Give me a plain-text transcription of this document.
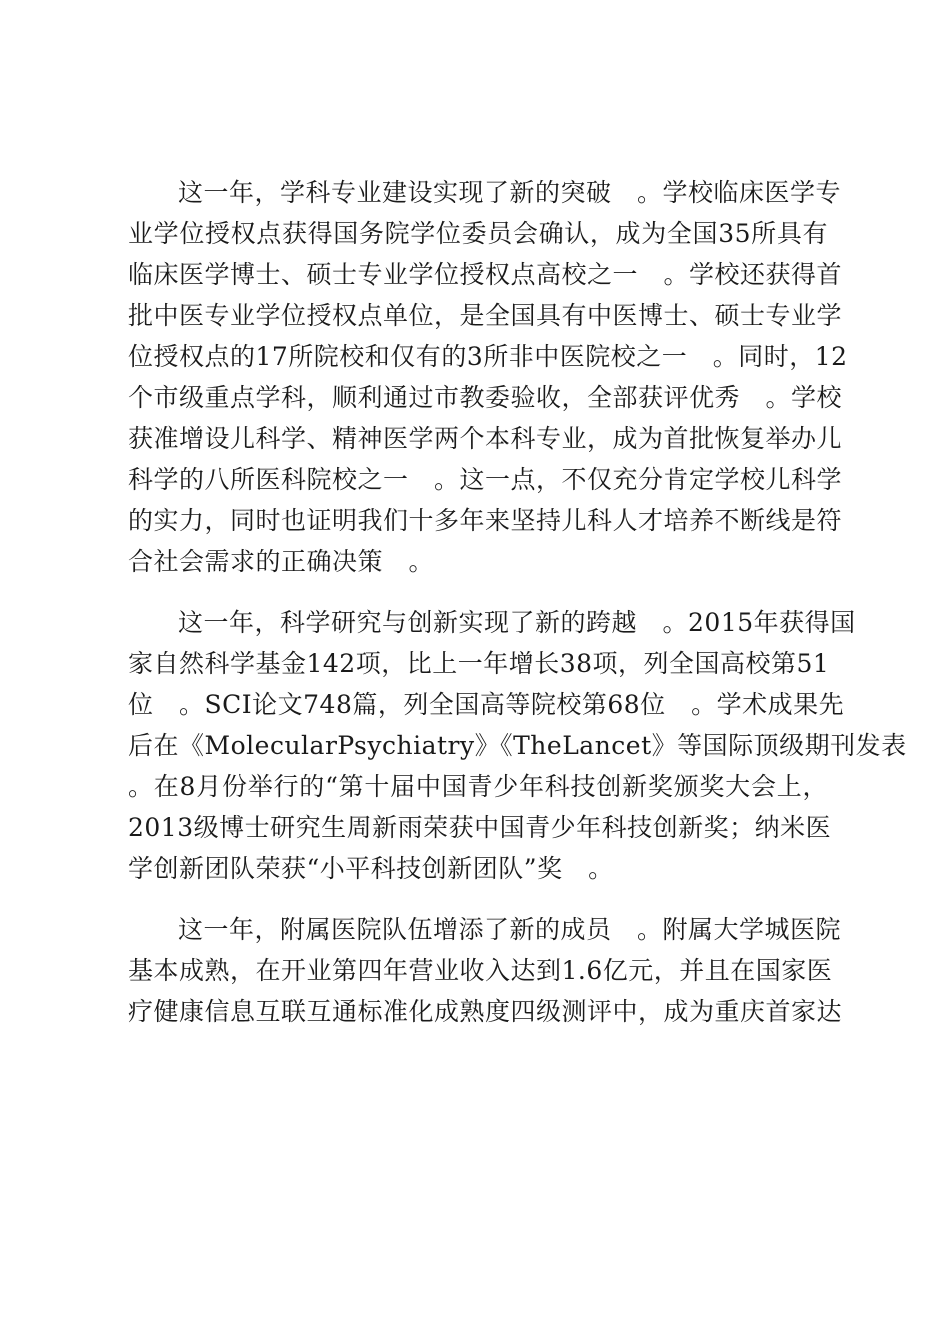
这一年，学科专业建设实现了新的突破　。学校临床医学专
业学位授权点获得国务院学位委员会确认，成为全国35所具有
临床医学博士、硕士专业学位授权点高校之一　。学校还获得首
批中医专业学位授权点单位，是全国具有中医博士、硕士专业学
位授权点的17所院校和仅有的3所非中医院校之一　。同时，12
个市级重点学科，顺利通过市教委验收，全部获评优秀　。学校
获准增设儿科学、精神医学两个本科专业，成为首批恢复举办儿
科学的八所医科院校之一　。这一点，不仅充分肯定学校儿科学
的实力，同时也证明我们十多年来坚持儿科人才培养不断线是符
合社会需求的正确决策　。
这一年，科学研究与创新实现了新的跨越　。2015年获得国
家自然科学基金142项，比上一年增长38项，列全国高校第51
位　。SCI论文748篇，列全国高等院校第68位　。学术成果先
后在《MolecularPsychiatry》《TheLancet》等国际顶级期刊发表
。在8月份举行的“第十届中国青少年科技创新奖颁奖大会上，
2013级博士研究生周新雨荣获中国青少年科技创新奖；纳米医
学创新团队荣获“小平科技创新团队”奖　。
这一年，附属医院队伍增添了新的成员　。附属大学城医院
基本成熟，在开业第四年营业收入达到1.6亿元，并且在国家医
疗健康信息互联互通标准化成熟度四级测评中，成为重庆首家达
